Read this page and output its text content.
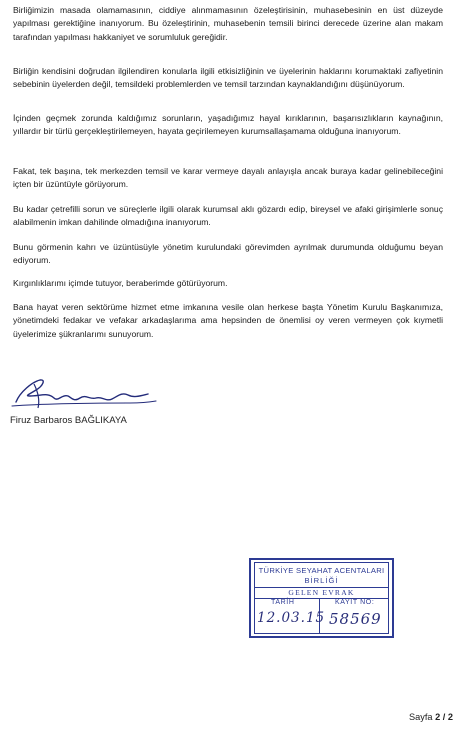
Birliğimizin masada olamamasının, ciddiye alınmamasının özeleştirisinin, muhasebesinin en üst düzeyde yapılması gerektiğine inanıyorum. Bu özeleştirinin, muhasebenin temsili birinci derecede üzerine alan makam tarafından yapılması hakkaniyet ve sorumluluk gereğidir.

Birliğin kendisini doğrudan ilgilendiren konularla ilgili etkisizliğinin ve üyelerinin haklarını korumaktaki zafiyetinin sebebinin üyelerden değil, temsildeki problemlerden ve temsil tarzından kaynaklandığını düşünüyorum.

İçinden geçmek zorunda kaldığımız sorunların, yaşadığımız hayal kırıklarının, başarısızlıkların kaynağının, yıllardır bir türlü gerçekleştirilemeyen, hayata geçirilemeyen kurumsallaşamama olduğuna inanıyorum.

Fakat, tek başına, tek merkezden temsil ve karar vermeye dayalı anlayışla ancak buraya kadar gelinebileceğini içten bir üzüntüyle görüyorum.

Bu kadar çetrefilli sorun ve süreçlerle ilgili olarak kurumsal aklı gözardı edip, bireysel ve afaki girişimlerle sonuç alabilmenin imkan dahilinde olmadığına inanıyorum.

Bunu görmenin kahrı ve üzüntüsüyle yönetim kurulundaki görevimden ayrılmak durumunda olduğumu beyan ediyorum.

Kırgınlıklarımı içimde tutuyor, beraberimde götürüyorum.

Bana hayat veren sektörüme hizmet etme imkanına vesile olan herkese başta Yönetim Kurulu Başkanımıza, yönetimdeki fedakar ve vefakar arkadaşlarıma ama hepsinden de önemlisi oy veren vermeyen çok kıymetli üyelerimize şükranlarımı sunuyorum.

Firuz Barbaros BAĞLIKAYA
TÜRKİYE SEYAHAT ACENTALARI
BİRLİĞİ
GELEN EVRAK
TARİH	KAYIT NO:
12.03.15 58569
Sayfa 2 / 2
